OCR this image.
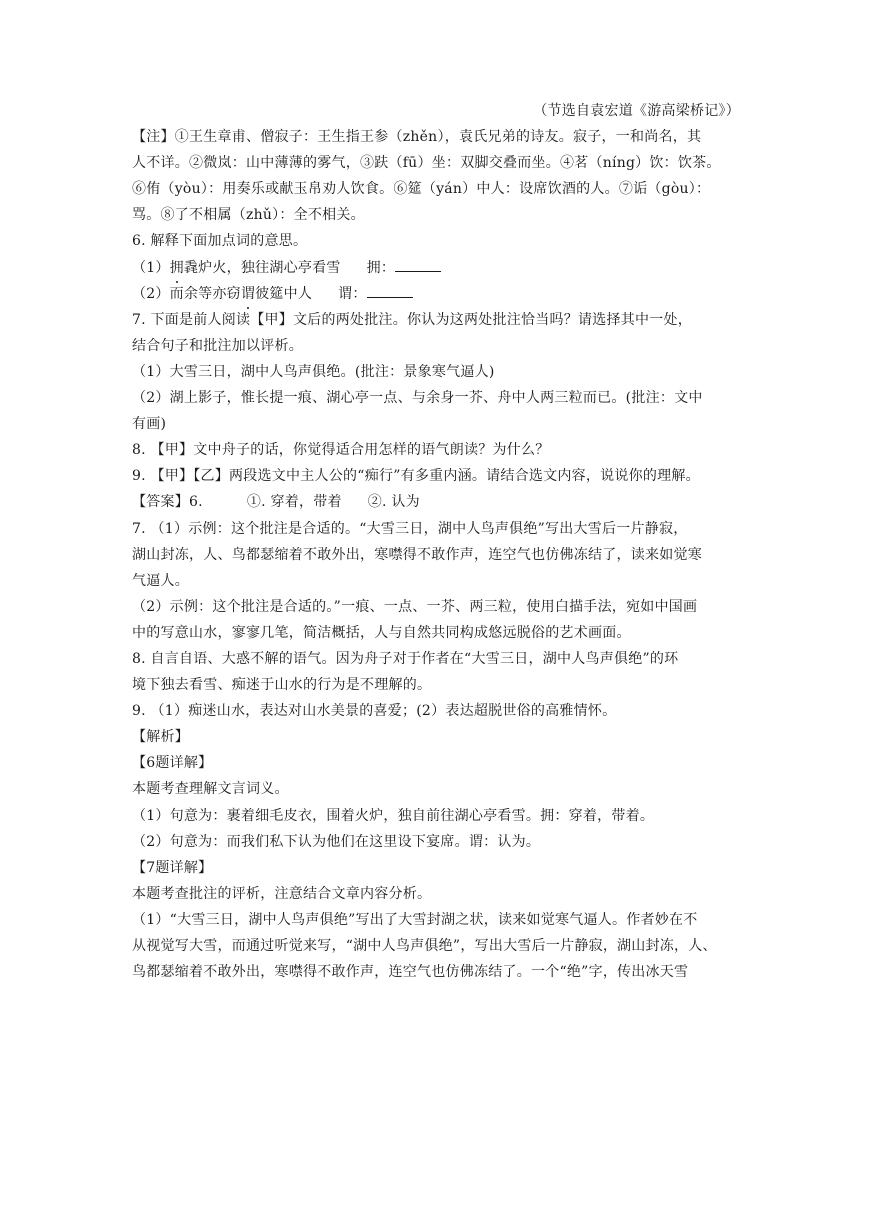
（节选自袁宏道《游高梁桥记》）
【注】①王生章甫、僧寂子：王生指王参（zhěn），袁氏兄弟的诗友。寂子，一和尚名，其
人不详。②微岚：山中薄薄的雾气，③趺（fū）坐：双脚交叠而坐。④茗（níng）饮：饮茶。
⑥侑（yòu）：用奏乐或献玉帛劝人饮食。⑥筵（yán）中人：设席饮酒的人。⑦诟（gòu）：
骂。⑧了不相属（zhǔ）：全不相关。
6. 解释下面加点词的意思。
（1）拥毳炉火，独往湖心亭看雪 拥：
（2）而余等亦窃谓彼筵中人 谓：
7. 下面是前人阅读【甲】文后的两处批注。你认为这两处批注恰当吗？请选择其中一处，
结合句子和批注加以评析。
（1）大雪三日，湖中人鸟声俱绝。(批注：景象寒气逼人)
（2）湖上影子，惟长提一痕、湖心亭一点、与余身一芥、舟中人两三粒而已。(批注：文中
有画)
8. 【甲】文中舟子的话，你觉得适合用怎样的语气朗读？为什么？
9. 【甲】【乙】两段选文中主人公的“痴行”有多重内涵。请结合选文内容，说说你的理解。
【答案】6.	①. 穿着，带着 ②. 认为
7. （1）示例：这个批注是合适的。“大雪三日，湖中人鸟声俱绝”写出大雪后一片静寂，
湖山封冻，人、鸟都瑟缩着不敢外出，寒噤得不敢作声，连空气也仿佛冻结了，读来如觉寒
气逼人。
（2）示例：这个批注是合适的。”一痕、一点、一芥、两三粒，使用白描手法，宛如中国画
中的写意山水，寥寥几笔，简洁概括，人与自然共同构成悠远脱俗的艺术画面。
8. 自言自语、大惑不解的语气。因为舟子对于作者在“大雪三日，湖中人鸟声俱绝”的环
境下独去看雪、痴迷于山水的行为是不理解的。
9. （1）痴迷山水，表达对山水美景的喜爱；(2）表达超脱世俗的高雅情怀。
【解析】
【6题详解】
本题考查理解文言词义。
（1）句意为：裹着细毛皮衣，围着火炉，独自前往湖心亭看雪。拥：穿着，带着。
（2）句意为：而我们私下认为他们在这里设下宴席。谓：认为。
【7题详解】
本题考查批注的评析，注意结合文章内容分析。
（1）“大雪三日，湖中人鸟声俱绝”写出了大雪封湖之状，读来如觉寒气逼人。作者妙在不
从视觉写大雪，而通过听觉来写，“湖中人鸟声俱绝”，写出大雪后一片静寂，湖山封冻，人、
鸟都瑟缩着不敢外出，寒噤得不敢作声，连空气也仿佛冻结了。一个“绝”字，传出冰天雪
